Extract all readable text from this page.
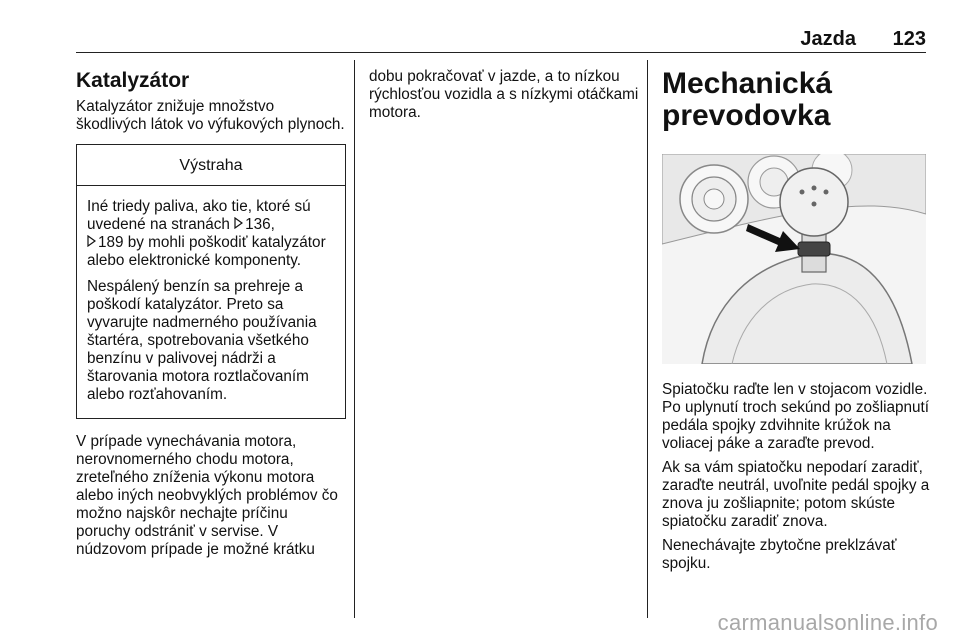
Jazda 123
Katalyzátor

Katalyzátor znižuje množstvo škodlivých látok vo výfukových plynoch.

Výstraha

Iné triedy paliva, ako tie, ktoré sú uvedené na stranách 136,
189 by mohli poškodiť katalyzátor alebo elektronické komponenty.

Nespálený benzín sa prehreje a poškodí katalyzátor. Preto sa vyvarujte nadmerného používania štartéra, spotrebovania všetkého benzínu v palivovej nádrži a štarovania motora roztlačovaním alebo rozťahovaním.

V prípade vynechávania motora, nerovnomerného chodu motora, zreteľného zníženia výkonu motora alebo iných neobvyklých problémov čo možno najskôr nechajte príčinu poruchy odstrániť v servise. V núdzovom prípade je možné krátku

dobu pokračovať v jazde, a to nízkou rýchlosťou vozidla a s nízkymi otáčkami motora.

Mechanická prevodovka

Spiatočku raďte len v stojacom vozidle. Po uplynutí troch sekúnd po zošliapnutí pedála spojky zdvihnite krúžok na voliacej páke a zaraďte prevod.

Ak sa vám spiatočku nepodarí zaradiť, zaraďte neutrál, uvoľnite pedál spojky a znova ju zošliapnite; potom skúste spiatočku zaradiť znova.

Nenechávajte zbytočne preklzávať spojku.

carmanualsonline.info
